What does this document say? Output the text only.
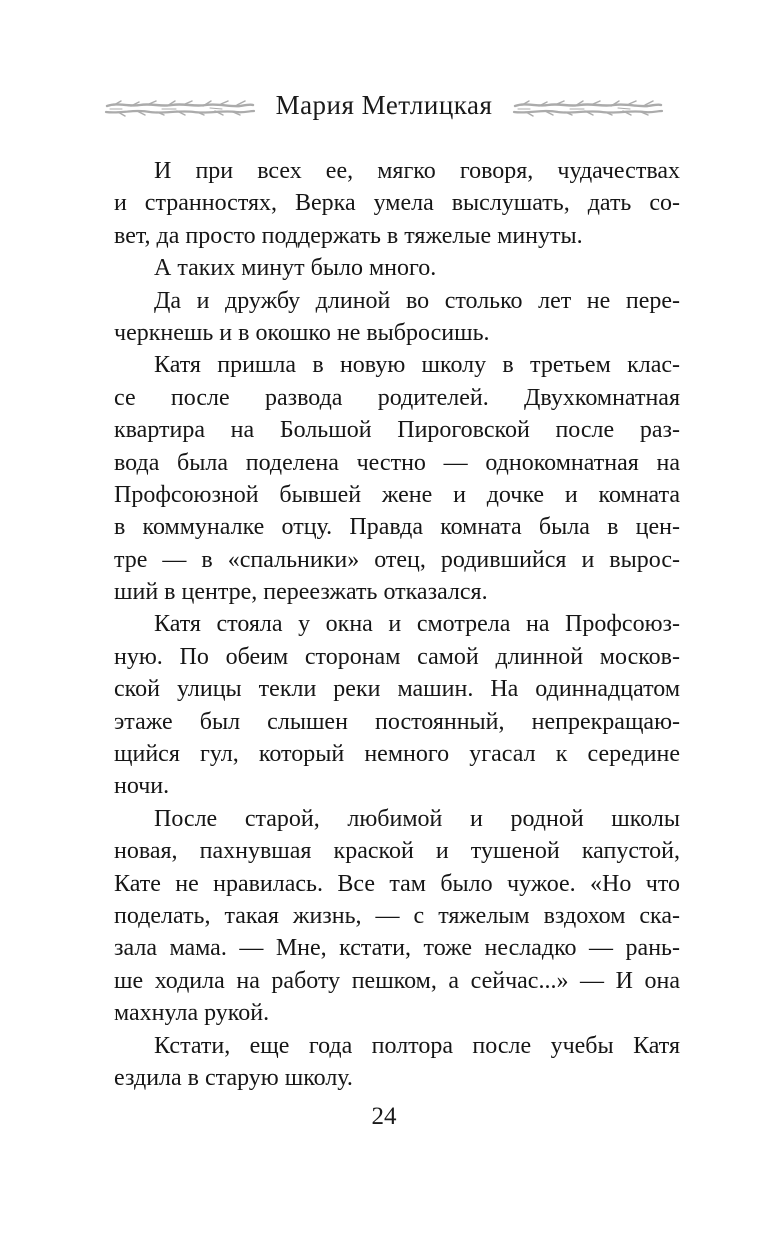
Мария Метлицкая
И при всех ее, мягко говоря, чудачествах
и странностях, Верка умела выслушать, дать со-
вет, да просто поддержать в тяжелые минуты.
А таких минут было много.
Да и дружбу длиной во столько лет не пере-
черкнешь и в окошко не выбросишь.
Катя пришла в новую школу в третьем клас-
се после развода родителей. Двухкомнатная
квартира на Большой Пироговской после раз-
вода была поделена честно — однокомнатная на
Профсоюзной бывшей жене и дочке и комната
в коммуналке отцу. Правда комната была в цен-
тре — в «спальники» отец, родившийся и вырос-
ший в центре, переезжать отказался.
Катя стояла у окна и смотрела на Профсоюз-
ную. По обеим сторонам самой длинной москов-
ской улицы текли реки машин. На одиннадцатом
этаже был слышен постоянный, непрекращаю-
щийся гул, который немного угасал к середине
ночи.
После старой, любимой и родной школы
новая, пахнувшая краской и тушеной капустой,
Кате не нравилась. Все там было чужое. «Но что
поделать, такая жизнь, — с тяжелым вздохом ска-
зала мама. — Мне, кстати, тоже несладко — рань-
ше ходила на работу пешком, а сейчас...» — И она
махнула рукой.
Кстати, еще года полтора после учебы Катя
ездила в старую школу.
24
